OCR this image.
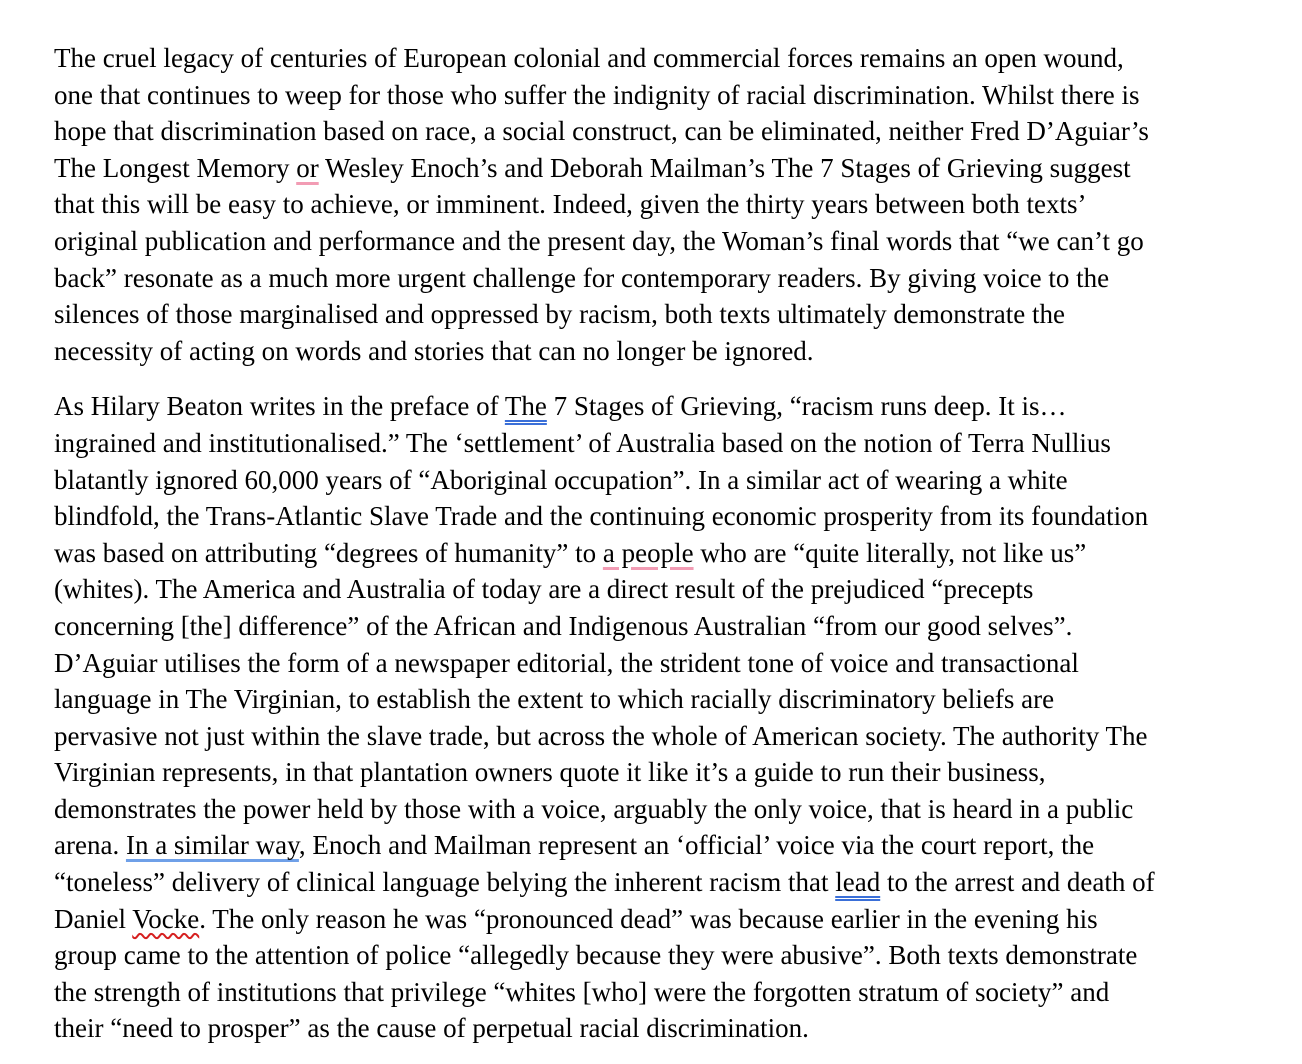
The cruel legacy of centuries of European colonial and commercial forces remains an open wound,
one that continues to weep for those who suffer the indignity of racial discrimination. Whilst there is
hope that discrimination based on race, a social construct, can be eliminated, neither Fred D’Aguiar’s
The Longest Memory or Wesley Enoch’s and Deborah Mailman’s The 7 Stages of Grieving suggest
that this will be easy to achieve, or imminent. Indeed, given the thirty years between both texts’
original publication and performance and the present day, the Woman’s final words that “we can’t go
back” resonate as a much more urgent challenge for contemporary readers. By giving voice to the
silences of those marginalised and oppressed by racism, both texts ultimately demonstrate the
necessity of acting on words and stories that can no longer be ignored.

As Hilary Beaton writes in the preface of The 7 Stages of Grieving, “racism runs deep. It is…
ingrained and institutionalised.” The ‘settlement’ of Australia based on the notion of Terra Nullius
blatantly ignored 60,000 years of “Aboriginal occupation”. In a similar act of wearing a white
blindfold, the Trans-Atlantic Slave Trade and the continuing economic prosperity from its foundation
was based on attributing “degrees of humanity” to a people who are “quite literally, not like us”
(whites). The America and Australia of today are a direct result of the prejudiced “precepts
concerning [the] difference” of the African and Indigenous Australian “from our good selves”.
D’Aguiar utilises the form of a newspaper editorial, the strident tone of voice and transactional
language in The Virginian, to establish the extent to which racially discriminatory beliefs are
pervasive not just within the slave trade, but across the whole of American society. The authority The
Virginian represents, in that plantation owners quote it like it’s a guide to run their business,
demonstrates the power held by those with a voice, arguably the only voice, that is heard in a public
arena. In a similar way, Enoch and Mailman represent an ‘official’ voice via the court report, the
“toneless” delivery of clinical language belying the inherent racism that lead to the arrest and death of
Daniel Vocke. The only reason he was “pronounced dead” was because earlier in the evening his
group came to the attention of police “allegedly because they were abusive”. Both texts demonstrate
the strength of institutions that privilege “whites [who] were the forgotten stratum of society” and
their “need to prosper” as the cause of perpetual racial discrimination.
